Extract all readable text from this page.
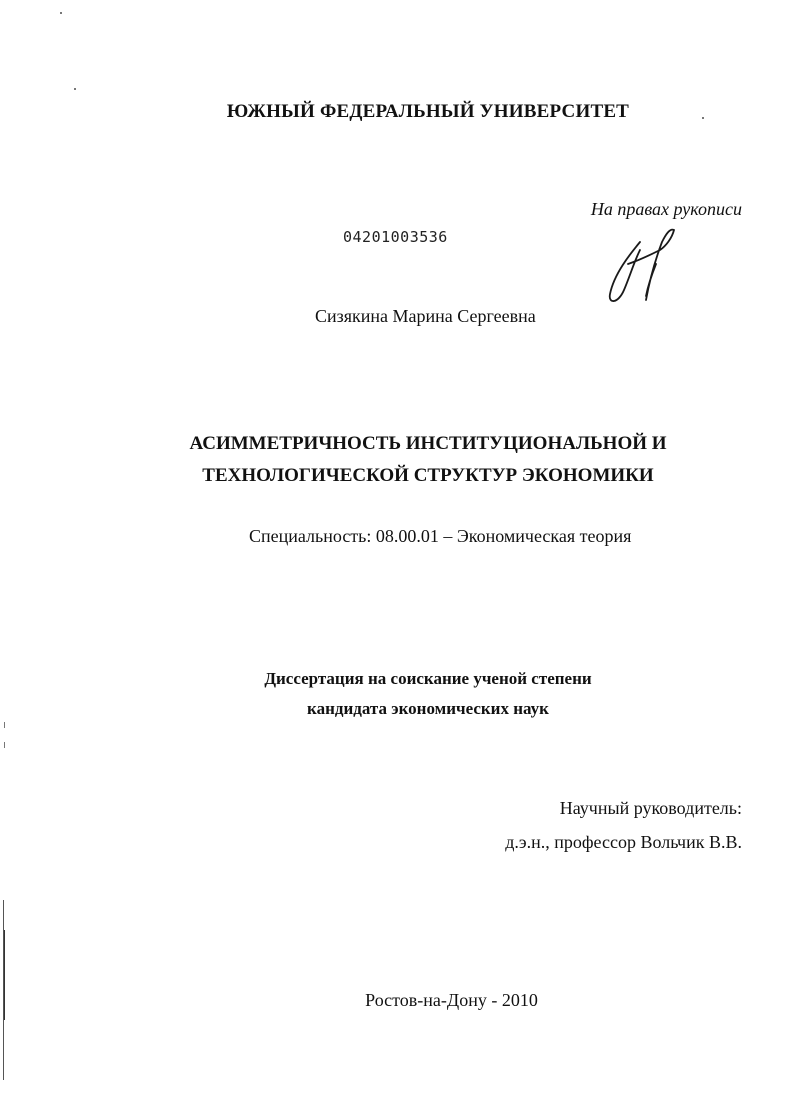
ЮЖНЫЙ ФЕДЕРАЛЬНЫЙ УНИВЕРСИТЕТ
На правах рукописи
04201003536
Сизякина Марина Сергеевна
АСИММЕТРИЧНОСТЬ ИНСТИТУЦИОНАЛЬНОЙ И
ТЕХНОЛОГИЧЕСКОЙ СТРУКТУР ЭКОНОМИКИ
Специальность: 08.00.01 – Экономическая теория
Диссертация на соискание ученой степени
кандидата экономических наук
Научный руководитель:
д.э.н., профессор Вольчик В.В.
Ростов-на-Дону - 2010
